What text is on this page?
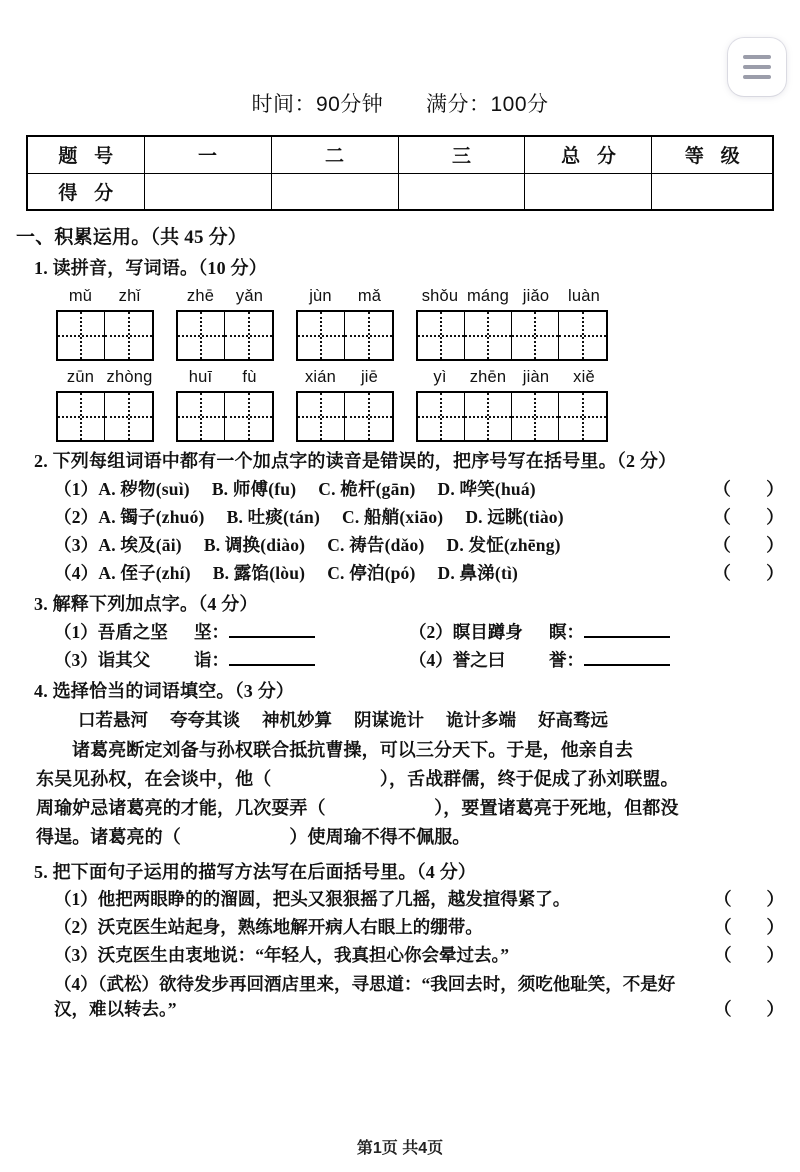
时间：90分钟 满分：100分
题 号	一	二	三	总 分	等 级
得 分					
一、积累运用。（共 45 分）
1. 读拼音，写词语。（10 分）
mǔ	zhǐ	zhē	yǎn	jùn	mǎ	shǒu máng jiǎo	luàn
zūn zhòng	huī	fù	xián	jiē	yì	zhēn jiàn	xiě
2. 下列每组词语中都有一个加点字的读音是错误的，把序号写在括号里。（2 分）
（1） A. 秽物(suì) B. 师傅(fu) C. 桅杆(gān) D. 哗笑(huá)	（　　）
（2） A. 镯子(zhuó) B. 吐痰(tán) C. 船艄(xiāo) D. 远眺(tiào)	（　　）
（3） A. 埃及(āi) B. 调换(diào) C. 祷告(dǎo) D. 发怔(zhēng)	（　　）
（4） A. 侄子(zhí) B. 露馅(lòu) C. 停泊(pó) D. 鼻涕(tì)	（　　）
3. 解释下列加点字。（4 分）
（1）吾盾之坚	坚：	（2）瞑目蹲身	瞑：
（3）诣其父	诣：	（4）誉之曰	誉：
4. 选择恰当的词语填空。（3 分）
口若悬河 夸夸其谈 神机妙算 阴谋诡计 诡计多端 好高骛远
诸葛亮断定刘备与孙权联合抵抗曹操，可以三分天下。于是，他亲自去
东吴见孙权，在会谈中，他（　　　　　　），舌战群儒，终于促成了孙刘联盟。
周瑜妒忌诸葛亮的才能，几次耍弄（　　　　　　），要置诸葛亮于死地，但都没
得逞。诸葛亮的（　　　　　　）使周瑜不得不佩服。
5. 把下面句子运用的描写方法写在后面括号里。（4 分）
（1） 他把两眼睁的的溜圆，把头又狠狠摇了几摇，越发揎得紧了。	（　　）
（2） 沃克医生站起身，熟练地解开病人右眼上的绷带。	（　　）
（3） 沃克医生由衷地说：“年轻人，我真担心你会晕过去。”	（　　）
（4）（武松）欲待发步再回酒店里来，寻思道：“我回去时，须吃他耻笑，不是好
汉，难以转去。”	（　　）
第1页 共4页
